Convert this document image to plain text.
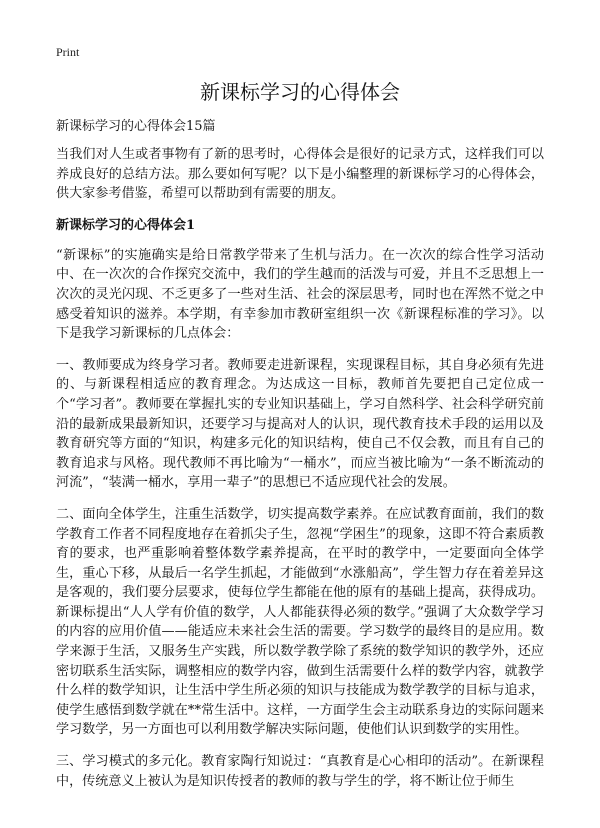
Print
新课标学习的心得体会

新课标学习的心得体会15篇

当我们对人生或者事物有了新的思考时，心得体会是很好的记录方式，这样我们可以养成良好的总结方法。那么要如何写呢？以下是小编整理的新课标学习的心得体会，供大家参考借鉴，希望可以帮助到有需要的朋友。

新课标学习的心得体会1

“新课标”的实施确实是给日常教学带来了生机与活力。在一次次的综合性学习活动中、在一次次的合作探究交流中，我们的学生越而的活泼与可爱，并且不乏思想上一次次的灵光闪现、不乏更多了一些对生活、社会的深层思考，同时也在浑然不觉之中感受着知识的滋养。本学期，有幸参加市教研室组织一次《新课程标准的学习》。以下是我学习新课标的几点体会：

一、教师要成为终身学习者。教师要走进新课程，实现课程目标，其自身必须有先进的、与新课程相适应的教育理念。为达成这一目标，教师首先要把自己定位成一个“学习者”。教师要在掌握扎实的专业知识基础上，学习自然科学、社会科学研究前沿的最新成果最新知识，还要学习与提高对人的认识，现代教育技术手段的运用以及教育研究等方面的“知识，构建多元化的知识结构，使自己不仅会教，而且有自己的教育追求与风格。现代教师不再比喻为“一桶水”，而应当被比喻为“一条不断流动的河流”，“装满一桶水，享用一辈子”的思想已不适应现代社会的发展。

二、面向全体学生，注重生活数学，切实提高数学素养。在应试教育面前，我们的数学教育工作者不同程度地存在着抓尖子生，忽视“学困生”的现象，这即不符合素质教育的要求，也严重影响着整体数学素养提高，在平时的教学中，一定要面向全体学生，重心下移，从最后一名学生抓起，才能做到“水涨船高”，学生智力存在着差异这是客观的，我们要分层要求，使每位学生都能在他的原有的基础上提高，获得成功。新课标提出“人人学有价值的数学，人人都能获得必须的数学。”强调了大众数学学习的内容的应用价值——能适应未来社会生活的需要。学习数学的最终目的是应用。数学来源于生活，又服务生产实践，所以数学教学除了系统的数学知识的教学外，还应密切联系生活实际，调整相应的数学内容，做到生活需要什么样的数学内容，就教学什么样的数学知识，让生活中学生所必须的知识与技能成为数学教学的目标与追求，使学生感悟到数学就在**常生活中。这样，一方面学生会主动联系身边的实际问题来学习数学，另一方面也可以利用数学解决实际问题，使他们认识到数学的实用性。

三、学习模式的多元化。教育家陶行知说过：“真教育是心心相印的活动”。在新课程中，传统意义上被认为是知识传授者的教师的教与学生的学，将不断让位于师生
